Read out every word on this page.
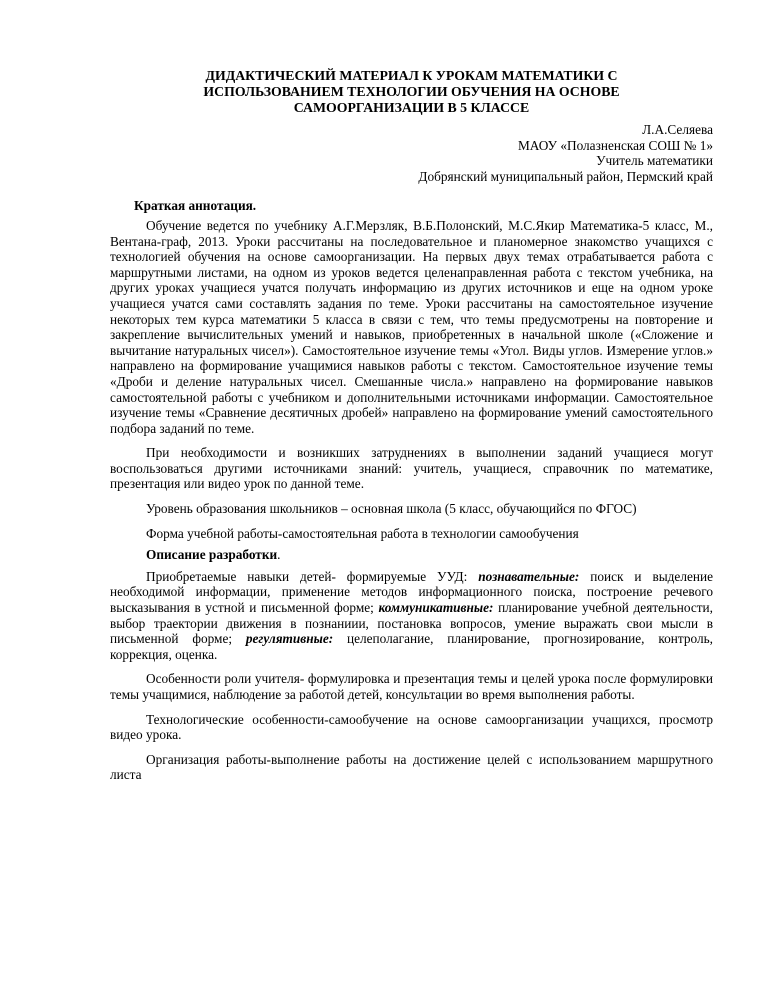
ДИДАКТИЧЕСКИЙ МАТЕРИАЛ К УРОКАМ МАТЕМАТИКИ С
ИСПОЛЬЗОВАНИЕМ ТЕХНОЛОГИИ ОБУЧЕНИЯ НА ОСНОВЕ
САМООРГАНИЗАЦИИ В 5 КЛАССЕ
Л.А.Селяева
МАОУ «Полазненская СОШ № 1»
Учитель математики
Добрянский муниципальный район, Пермский край
Краткая аннотация.

Обучение ведется по учебнику А.Г.Мерзляк, В.Б.Полонский, М.С.Якир Математика-5 класс, М., Вентана-граф, 2013. Уроки рассчитаны на последовательное и планомерное знакомство учащихся с технологией обучения на основе самоорганизации. На первых двух темах отрабатывается работа с маршрутными листами, на одном из уроков ведется целенаправленная работа с текстом учебника, на других уроках учащиеся учатся получать информацию из других источников и еще на одном уроке учащиеся учатся сами составлять задания по теме. Уроки рассчитаны на самостоятельное изучение некоторых тем курса математики 5 класса в связи с тем, что темы предусмотрены на повторение и закрепление вычислительных умений и навыков, приобретенных в начальной школе («Сложение и вычитание натуральных чисел»). Самостоятельное изучение темы «Угол. Виды углов. Измерение углов.» направлено на формирование учащимися навыков работы с текстом. Самостоятельное изучение темы «Дроби и деление натуральных чисел. Смешанные числа.» направлено на формирование навыков самостоятельной работы с учебником и дополнительными источниками информации. Самостоятельное изучение темы «Сравнение десятичных дробей» направлено на формирование умений самостоятельного подбора заданий по теме.

При необходимости и возникших затруднениях в выполнении заданий учащиеся могут воспользоваться другими источниками знаний: учитель, учащиеся, справочник по математике, презентация или видео урок по данной теме.

Уровень образования школьников – основная школа (5 класс, обучающийся по ФГОС)

Форма учебной работы-самостоятельная работа в технологии самообучения

Описание разработки.

Приобретаемые навыки детей- формируемые УУД: познавательные: поиск и выделение необходимой информации, применение методов информационного поиска, построение речевого высказывания в устной и письменной форме; коммуникативные: планирование учебной деятельности, выбор траектории движения в познаниии, постановка вопросов, умение выражать свои мысли в письменной форме; регулятивные: целеполагание, планирование, прогнозирование, контроль, коррекция, оценка.

Особенности роли учителя- формулировка и презентация темы и целей урока после формулировки темы учащимися, наблюдение за работой детей, консультации во время выполнения работы.

Технологические особенности-самообучение на основе самоорганизации учащихся, просмотр видео урока.

Организация работы-выполнение работы на достижение целей с использованием маршрутного листа
